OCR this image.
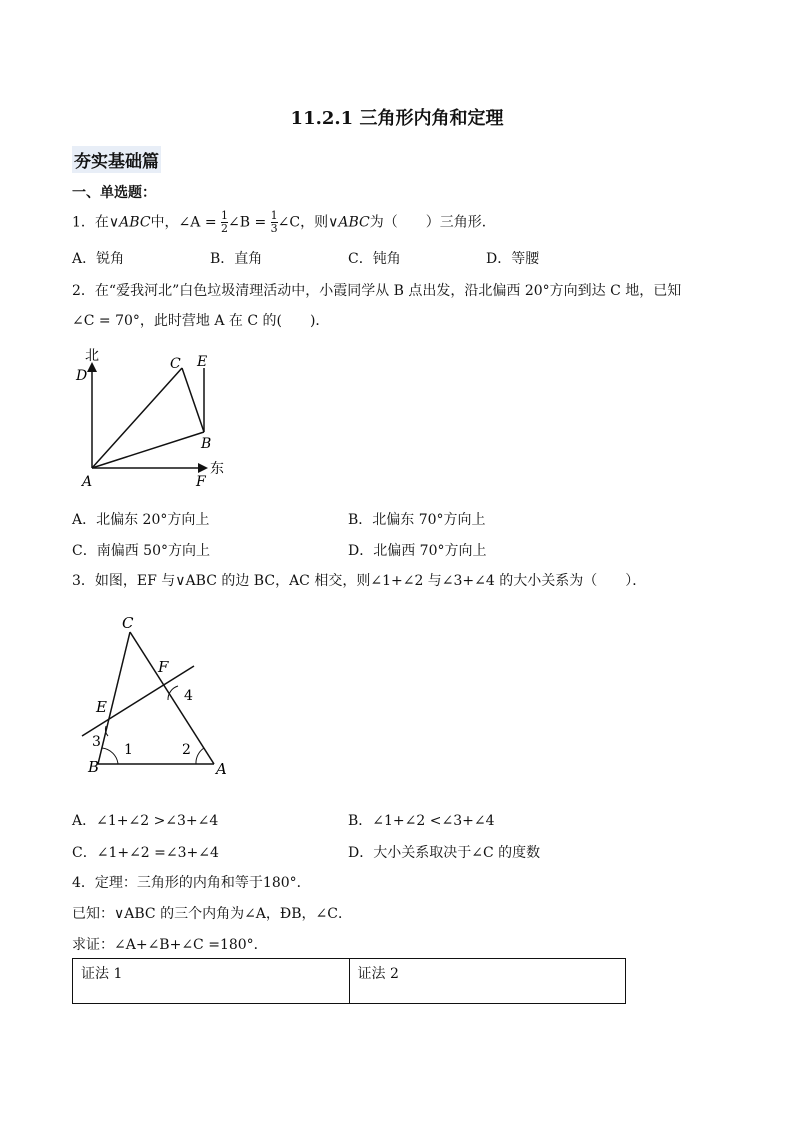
11.2.1 三角形内角和定理
夯实基础篇
一、单选题：
1．在∨ABC中，∠A = $\frac{1}{2}$ ∠B = $\frac{1}{3}$ ∠C，则∨ABC为（　　）三角形．
A．锐角	B．直角	C．钝角	D．等腰
2．在“爱我河北”白色垃圾清理活动中，小霞同学从 B 点出发，沿北偏西 20°方向到达 C 地，已知
∠C = 70°，此时营地 A 在 C 的(　　)．
北
东
D
C E
B
A	F
A．北偏东 20°方向上	B．北偏东 70°方向上
C．南偏西 50°方向上	D．北偏西 70°方向上
3．如图，EF 与∨ABC 的边 BC，AC 相交，则∠1+∠2 与∠3+∠4 的大小关系为（　　）．
C
F
E
B	A
1	2
3
4
A．∠1+∠2 >∠3+∠4	B．∠1+∠2 <∠3+∠4
C．∠1+∠2 =∠3+∠4	D．大小关系取决于∠C 的度数
4．定理：三角形的内角和等于180°．
已知：∨ABC 的三个内角为∠A，ÐB，∠C．
求证：∠A+∠B+∠C =180°．
证法 1	证法 2
